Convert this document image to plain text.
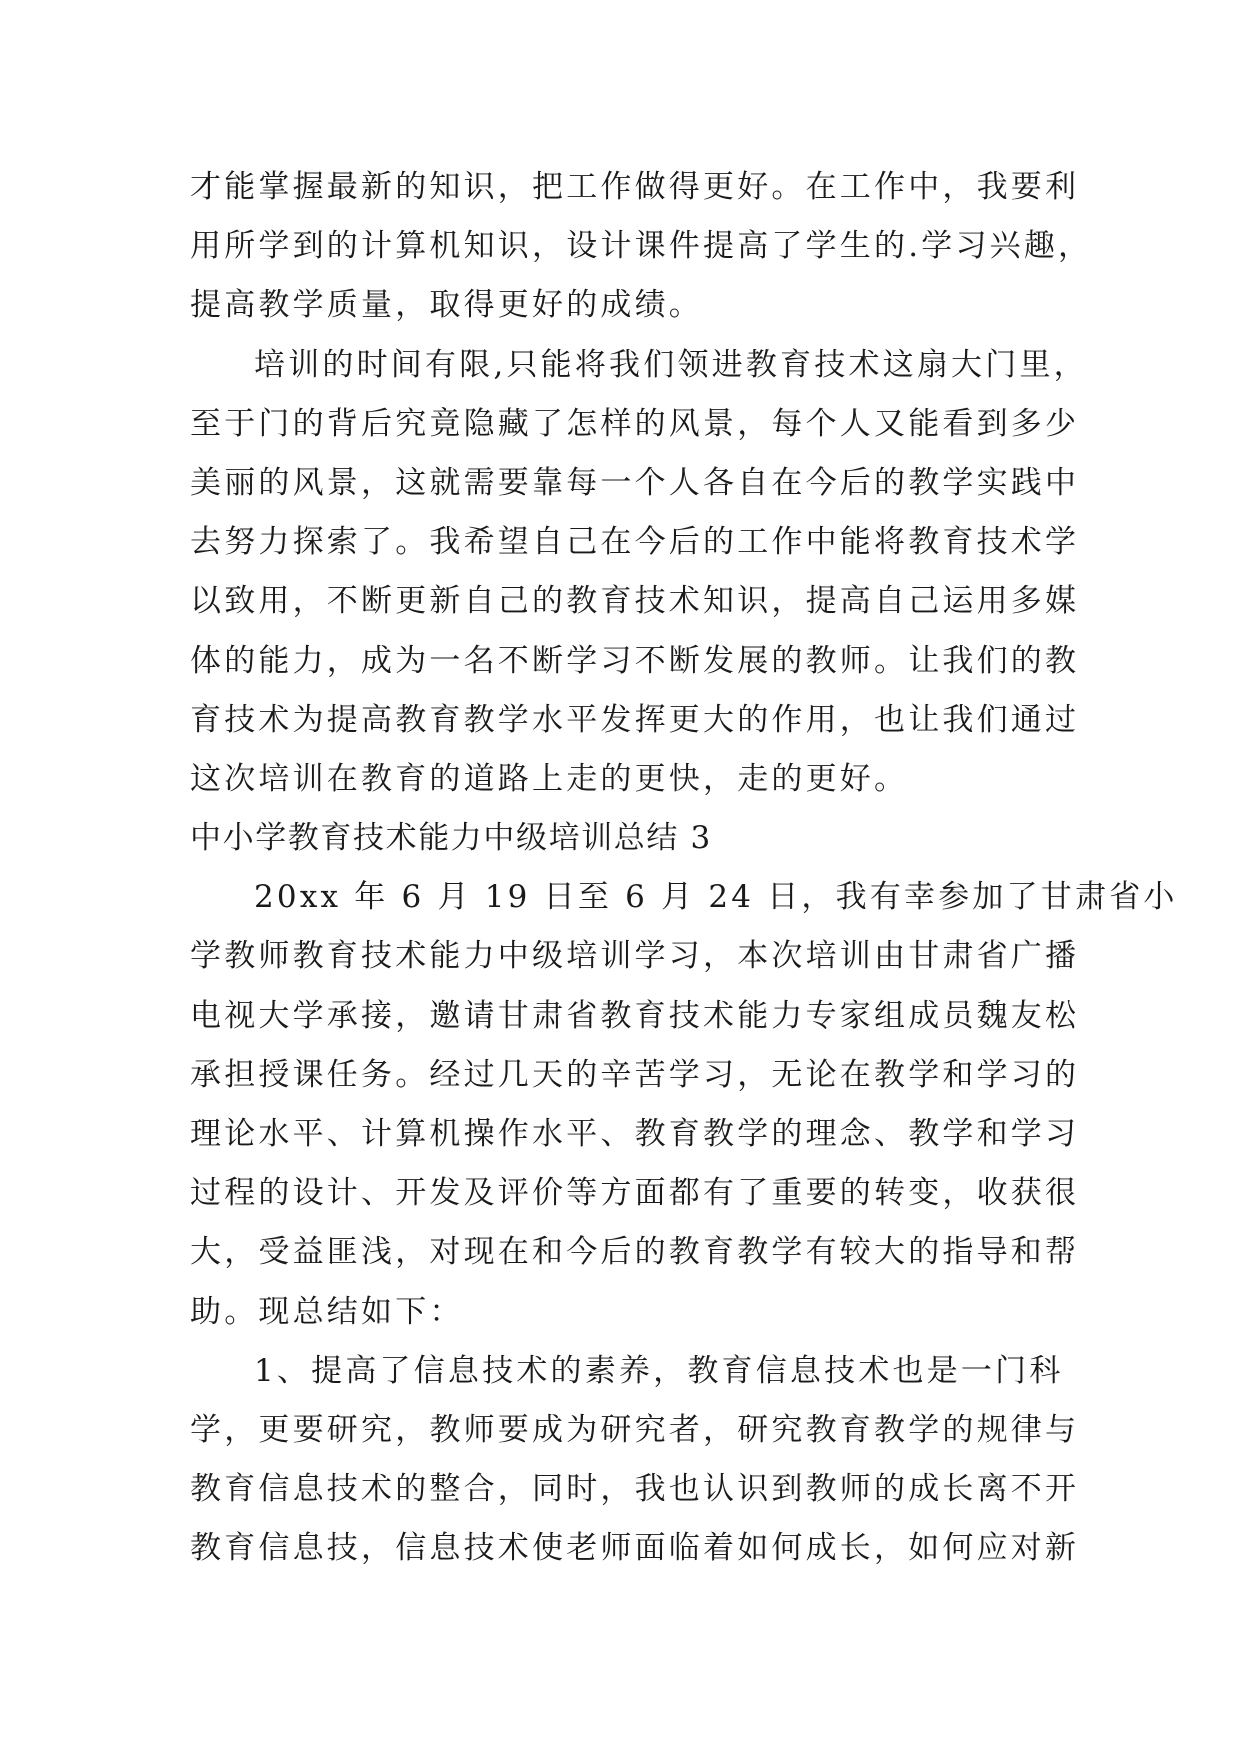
才能掌握最新的知识，把工作做得更好。在工作中，我要利
用所学到的计算机知识，设计课件提高了学生的.学习兴趣，
提高教学质量，取得更好的成绩。
培训的时间有限,只能将我们领进教育技术这扇大门里，
至于门的背后究竟隐藏了怎样的风景，每个人又能看到多少
美丽的风景，这就需要靠每一个人各自在今后的教学实践中
去努力探索了。我希望自己在今后的工作中能将教育技术学
以致用，不断更新自己的教育技术知识，提高自己运用多媒
体的能力，成为一名不断学习不断发展的教师。让我们的教
育技术为提高教育教学水平发挥更大的作用，也让我们通过
这次培训在教育的道路上走的更快，走的更好。
中小学教育技术能力中级培训总结 3
20xx 年 6 月 19 日至 6 月 24 日，我有幸参加了甘肃省小
学教师教育技术能力中级培训学习，本次培训由甘肃省广播
电视大学承接，邀请甘肃省教育技术能力专家组成员魏友松
承担授课任务。经过几天的辛苦学习，无论在教学和学习的
理论水平、计算机操作水平、教育教学的理念、教学和学习
过程的设计、开发及评价等方面都有了重要的转变，收获很
大，受益匪浅，对现在和今后的教育教学有较大的指导和帮
助。现总结如下：
1、提高了信息技术的素养，教育信息技术也是一门科
学，更要研究，教师要成为研究者，研究教育教学的规律与
教育信息技术的整合，同时，我也认识到教师的成长离不开
教育信息技，信息技术使老师面临着如何成长，如何应对新
